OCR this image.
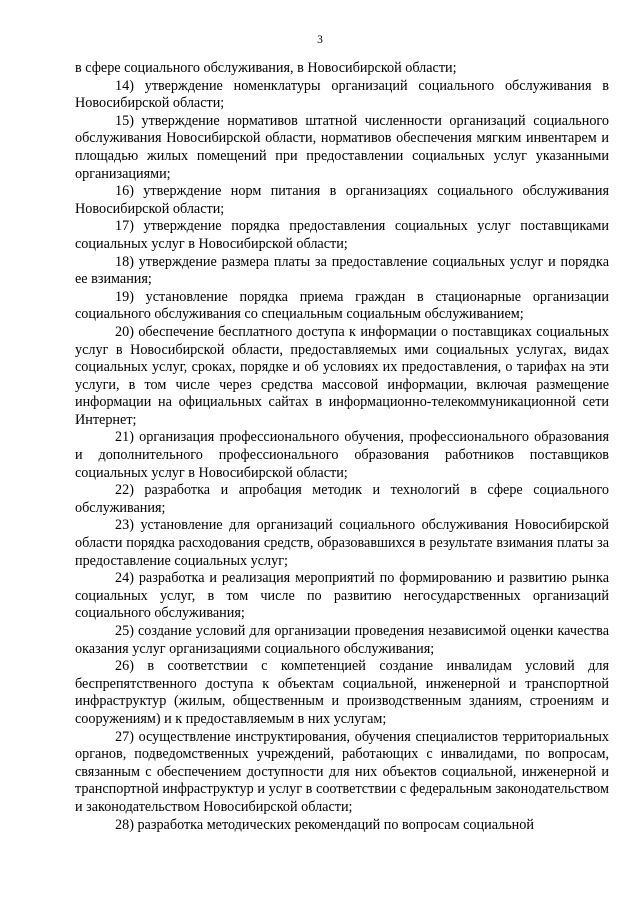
3

в сфере социального обслуживания, в Новосибирской области;

14) утверждение номенклатуры организаций социального обслуживания в Новосибирской области;

15) утверждение нормативов штатной численности организаций социального обслуживания Новосибирской области, нормативов обеспечения мягким инвентарем и площадью жилых помещений при предоставлении социальных услуг указанными организациями;

16) утверждение норм питания в организациях социального обслуживания Новосибирской области;

17) утверждение порядка предоставления социальных услуг поставщиками социальных услуг в Новосибирской области;

18) утверждение размера платы за предоставление социальных услуг и порядка ее взимания;

19) установление порядка приема граждан в стационарные организации социального обслуживания со специальным социальным обслуживанием;

20) обеспечение бесплатного доступа к информации о поставщиках социальных услуг в Новосибирской области, предоставляемых ими социальных услугах, видах социальных услуг, сроках, порядке и об условиях их предоставления, о тарифах на эти услуги, в том числе через средства массовой информации, включая размещение информации на официальных сайтах в информационно-телекоммуникационной сети Интернет;

21) организация профессионального обучения, профессионального образования и дополнительного профессионального образования работников поставщиков социальных услуг в Новосибирской области;

22) разработка и апробация методик и технологий в сфере социального обслуживания;

23) установление для организаций социального обслуживания Новосибирской области порядка расходования средств, образовавшихся в результате взимания платы за предоставление социальных услуг;

24) разработка и реализация мероприятий по формированию и развитию рынка социальных услуг, в том числе по развитию негосударственных организаций социального обслуживания;

25) создание условий для организации проведения независимой оценки качества оказания услуг организациями социального обслуживания;

26) в соответствии с компетенцией создание инвалидам условий для беспрепятственного доступа к объектам социальной, инженерной и транспортной инфраструктур (жилым, общественным и производственным зданиям, строениям и сооружениям) и к предоставляемым в них услугам;

27) осуществление инструктирования, обучения специалистов территориальных органов, подведомственных учреждений, работающих с инвалидами, по вопросам, связанным с обеспечением доступности для них объектов социальной, инженерной и транспортной инфраструктур и услуг в соответствии с федеральным законодательством и законодательством Новосибирской области;

28) разработка методических рекомендаций по вопросам социальной
